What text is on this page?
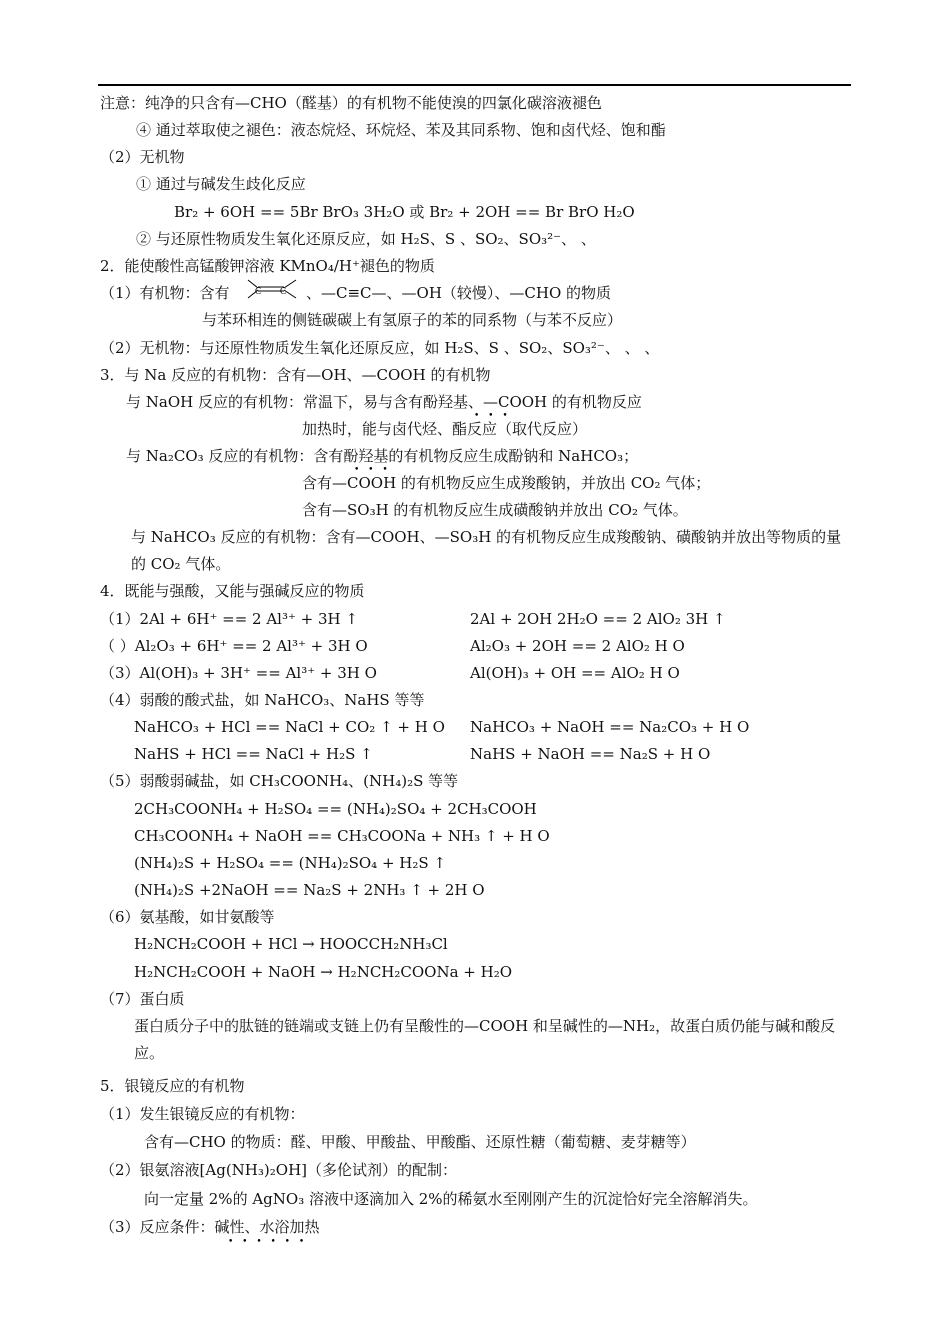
注意：纯净的只含有—CHO（醛基）的有机物不能使溴的四氯化碳溶液褪色
④ 通过萃取使之褪色：液态烷烃、环烷烃、苯及其同系物、饱和卤代烃、饱和酯
（2）无机物
① 通过与碱发生歧化反应
Br₂ + 6OH == 5Br BrO₃ 3H₂O 或 Br₂ + 2OH == Br BrO H₂O
② 与还原性物质发生氧化还原反应，如 H₂S、S 、SO₂、SO₃²⁻、 、
2．能使酸性高锰酸钾溶液 KMnO₄/H⁺褪色的物质
（1）有机物：含有	C C 、—C≡C—、—OH（较慢）、—CHO 的物质
与苯环相连的侧链碳碳上有氢原子的苯的同系物（与苯不反应）
（2）无机物：与还原性物质发生氧化还原反应，如 H₂S、S 、SO₂、SO₃²⁻、 、 、
3．与 Na 反应的有机物：含有—OH、—COOH 的有机物
与 NaOH 反应的有机物：常温下，易与含有酚羟基、—COOH 的有机物反应
• • •
加热时，能与卤代烃、酯反应（取代反应）
与 Na₂CO₃ 反应的有机物：含有酚羟基的有机物反应生成酚钠和 NaHCO₃；
• • •
含有—COOH 的有机物反应生成羧酸钠，并放出 CO₂ 气体；
含有—SO₃H 的有机物反应生成磺酸钠并放出 CO₂ 气体。
与 NaHCO₃ 反应的有机物：含有—COOH、—SO₃H 的有机物反应生成羧酸钠、磺酸钠并放出等物质的量的 CO₂ 气体。
4．既能与强酸，又能与强碱反应的物质
（1）2Al + 6H⁺ == 2 Al³⁺ + 3H ↑
（ ）Al₂O₃ + 6H⁺ == 2 Al³⁺ + 3H O
（3）Al(OH)₃ + 3H⁺ == Al³⁺ + 3H O
（4）弱酸的酸式盐，如 NaHCO₃、NaHS 等等
NaHCO₃ + HCl == NaCl + CO₂ ↑ + H O
NaHS + HCl == NaCl + H₂S ↑
（5）弱酸弱碱盐，如 CH₃COONH₄、(NH₄)₂S 等等
2CH₃COONH₄ + H₂SO₄ == (NH₄)₂SO₄ + 2CH₃COOH
CH₃COONH₄ + NaOH == CH₃COONa + NH₃ ↑ + H O
(NH₄)₂S + H₂SO₄ == (NH₄)₂SO₄ + H₂S ↑
(NH₄)₂S +2NaOH == Na₂S + 2NH₃ ↑ + 2H O
（6）氨基酸，如甘氨酸等
H₂NCH₂COOH + HCl → HOOCCH₂NH₃Cl
H₂NCH₂COOH + NaOH → H₂NCH₂COONa + H₂O
（7）蛋白质
蛋白质分子中的肽链的链端或支链上仍有呈酸性的—COOH 和呈碱性的—NH₂，故蛋白质仍能与碱和酸反应。
5．银镜反应的有机物
（1）发生银镜反应的有机物：
含有—CHO 的物质：醛、甲酸、甲酸盐、甲酸酯、还原性糖（葡萄糖、麦芽糖等）
（2）银氨溶液[Ag(NH₃)₂OH]（多伦试剂）的配制：
向一定量 2%的 AgNO₃ 溶液中逐滴加入 2%的稀氨水至刚刚产生的沉淀恰好完全溶解消失。
（3）反应条件：碱性、水浴加热
• • • • • •
2Al + 2OH 2H₂O == 2 AlO₂ 3H ↑
Al₂O₃ + 2OH == 2 AlO₂ H O
Al(OH)₃ + OH == AlO₂ H O
NaHCO₃ + NaOH == Na₂CO₃ + H O
NaHS + NaOH == Na₂S + H O
